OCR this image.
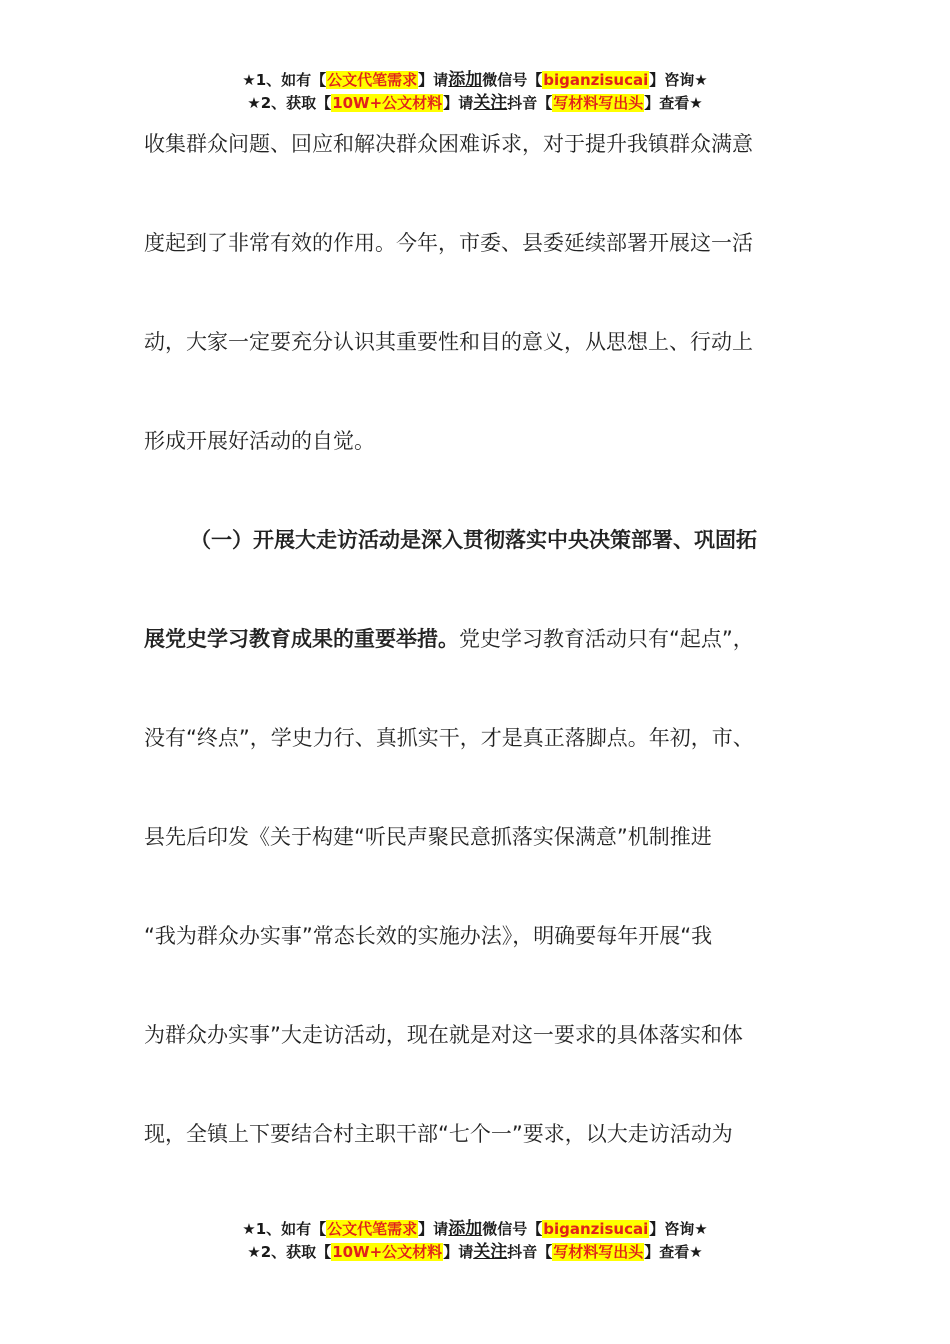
★1、如有【公文代笔需求】请添加微信号【biganzisucai】咨询★
★2、获取【10W+公文材料】请关注抖音【写材料写出头】查看★
收集群众问题、回应和解决群众困难诉求，对于提升我镇群众满意
度起到了非常有效的作用。今年，市委、县委延续部署开展这一活
动，大家一定要充分认识其重要性和目的意义，从思想上、行动上
形成开展好活动的自觉。
（一）开展大走访活动是深入贯彻落实中央决策部署、巩固拓
展党史学习教育成果的重要举措。党史学习教育活动只有“起点”，
没有“终点”，学史力行、真抓实干，才是真正落脚点。年初，市、
县先后印发《关于构建“听民声聚民意抓落实保满意”机制推进
“我为群众办实事”常态长效的实施办法》，明确要每年开展“我
为群众办实事”大走访活动，现在就是对这一要求的具体落实和体
现，全镇上下要结合村主职干部“七个一”要求，以大走访活动为
★1、如有【公文代笔需求】请添加微信号【biganzisucai】咨询★
★2、获取【10W+公文材料】请关注抖音【写材料写出头】查看★
